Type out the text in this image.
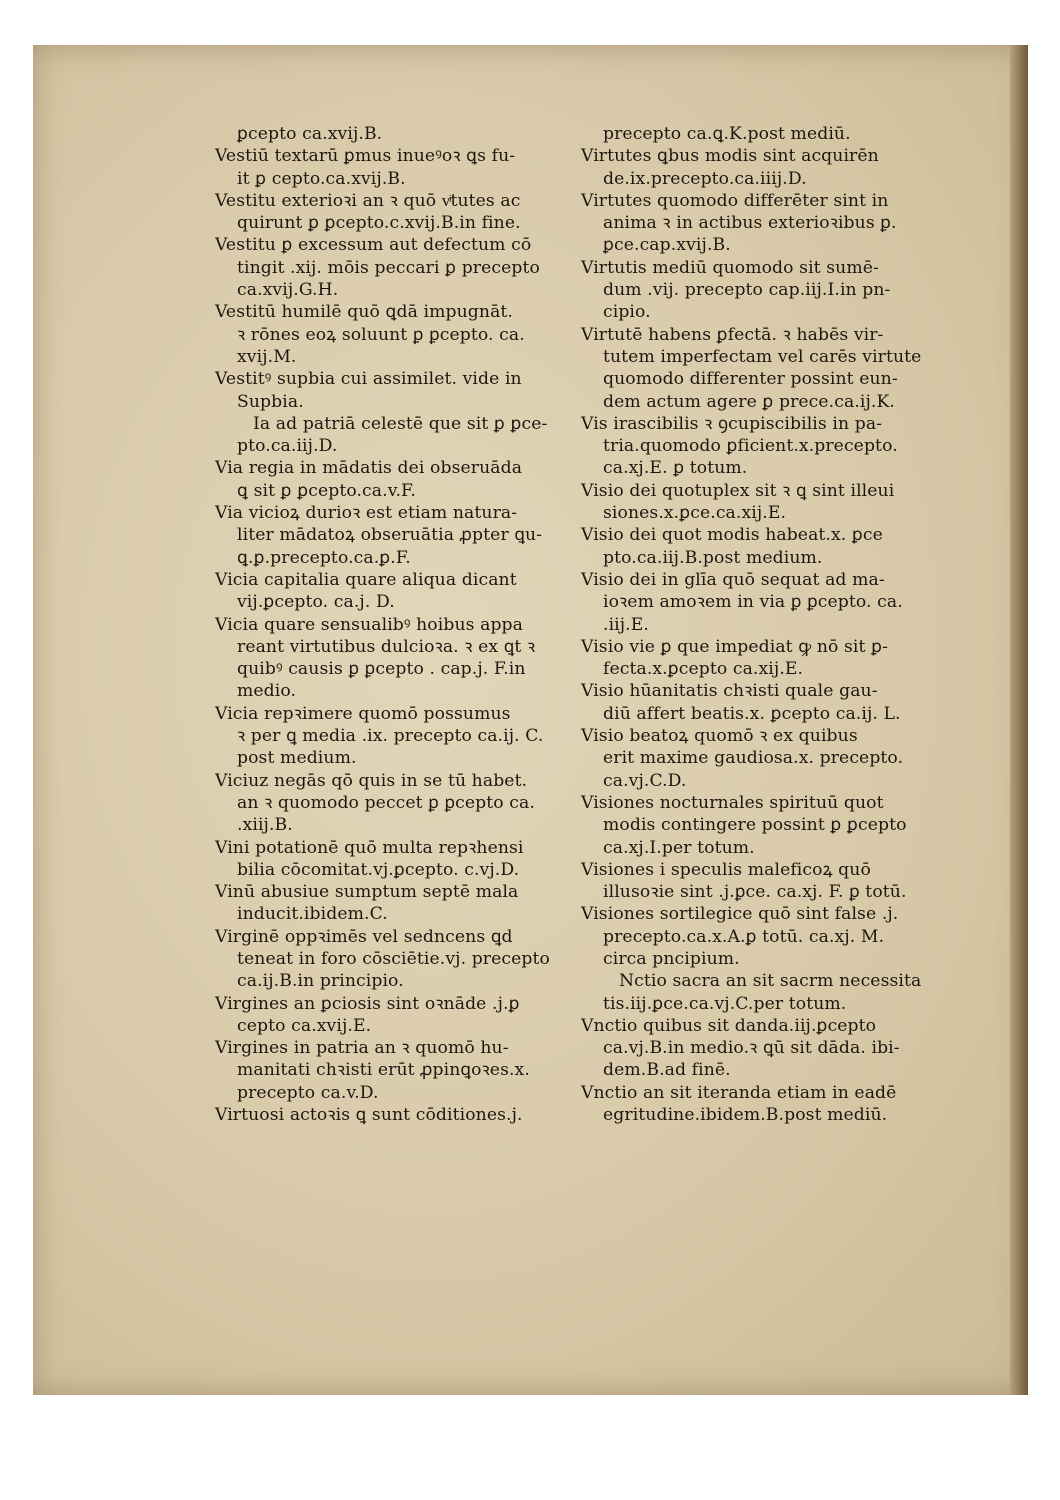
ꝑcepto ca.xvij.B.
Vestiū textarū ꝑmus inueꝰoꝛ ꝗs fu-
it ꝑ cepto.ca.xvij.B.
Vestitu exterioꝛi an ꝛ quō vͥtutes ac
quirunt ꝑ ꝑcepto.c.xvij.B.in fine.
Vestitu ꝑ excessum aut defectum cō
tingit .xij. mōis peccari ꝑ precepto
ca.xvij.G.H.
Vestitū humilē quō ꝗdā impugnāt.
ꝛ rōnes eoꝝ soluunt ꝑ ꝑcepto. ca.
xvij.M.
Vestitꝰ supbia cui assimilet. vide in
Supbia.
Ia ad patriā celestē que sit ꝑ ꝑce-
pto.ca.iij.D.
Via regia in mādatis dei obseruāda
ꝗ sit ꝑ ꝑcepto.ca.v.F.
Via vicioꝝ durioꝛ est etiam natura-
liter mādatoꝝ obseruātia ꝓpter ꝗu-
ꝗ.ꝑ.precepto.ca.ꝑ.F.
Vicia capitalia quare aliqua dicant
vij.ꝑcepto. ca.j. D.
Vicia quare sensualibꝰ hoibus appa
reant virtutibus dulcioꝛa. ꝛ ex ꝗt ꝛ
quibꝰ causis ꝑ ꝑcepto . cap.j. F.in
medio.
Vicia repꝛimere quomō possumus
ꝛ per ꝗ media .ix. precepto ca.ij. C.
post medium.
Viciuz negās qō quis in se tū habet.
an ꝛ quomodo peccet ꝑ ꝑcepto ca.
.xiij.B.
Vini potationē quō multa repꝛhensi
bilia cōcomitat.vj.ꝑcepto. c.vj.D.
Vinū abusiue sumptum septē mala
inducit.ibidem.C.
Virginē oppꝛimēs vel sedncens ꝗd
teneat in foro cōsciētie.vj. precepto
ca.ij.B.in principio.
Virgines an ꝑciosis sint oꝛnāde .j.ꝑ
cepto ca.xvij.E.
Virgines in patria an ꝛ quomō hu-
manitati chꝛisti erūt ꝓpinꝗoꝛes.x.
precepto ca.v.D.
Virtuosi actoꝛis ꝗ sunt cōditiones.j.
precepto ca.ꝗ.K.post mediū.
Virtutes ꝗbus modis sint acquirēn
de.ix.precepto.ca.iiij.D.
Virtutes quomodo differēter sint in
anima ꝛ in actibus exterioꝛibus ꝑ.
ꝑce.cap.xvij.B.
Virtutis mediū quomodo sit sumē-
dum .vij. precepto cap.iij.I.in pn-
cipio.
Virtutē habens ꝑfectā. ꝛ habēs vir-
tutem imperfectam vel carēs virtute
quomodo differenter possint eun-
dem actum agere ꝑ prece.ca.ij.K.
Vis irascibilis ꝛ ꝯcupiscibilis in pa-
tria.quomodo ꝑficient.x.precepto.
ca.xj.E. ꝑ totum.
Visio dei quotuplex sit ꝛ ꝗ sint illeui
siones.x.ꝑce.ca.xij.E.
Visio dei quot modis habeat.x. ꝑce
pto.ca.iij.B.post medium.
Visio dei in glīa quō sequat ad ma-
ioꝛem amoꝛem in via ꝑ ꝑcepto. ca.
.iij.E.
Visio vie ꝑ que impediat ꝙ nō sit ꝑ-
fecta.x.ꝑcepto ca.xij.E.
Visio hūanitatis chꝛisti quale gau-
diū affert beatis.x. ꝑcepto ca.ij. L.
Visio beatoꝝ quomō ꝛ ex quibus
erit maxime gaudiosa.x. precepto.
ca.vj.C.D.
Visiones nocturnales spirituū quot
modis contingere possint ꝑ ꝑcepto
ca.xj.I.per totum.
Visiones i speculis maleficoꝝ quō
illusoꝛie sint .j.ꝑce. ca.xj. F. ꝑ totū.
Visiones sortilegice quō sint false .j.
precepto.ca.x.A.ꝑ totū. ca.xj. M.
circa pncipium.
Nctio sacra an sit sacrm necessita
tis.iij.ꝑce.ca.vj.C.per totum.
Vnctio quibus sit danda.iij.ꝑcepto
ca.vj.B.in medio.ꝛ ꝗū sit dāda. ibi-
dem.B.ad finē.
Vnctio an sit iteranda etiam in eadē
egritudine.ibidem.B.post mediū.
